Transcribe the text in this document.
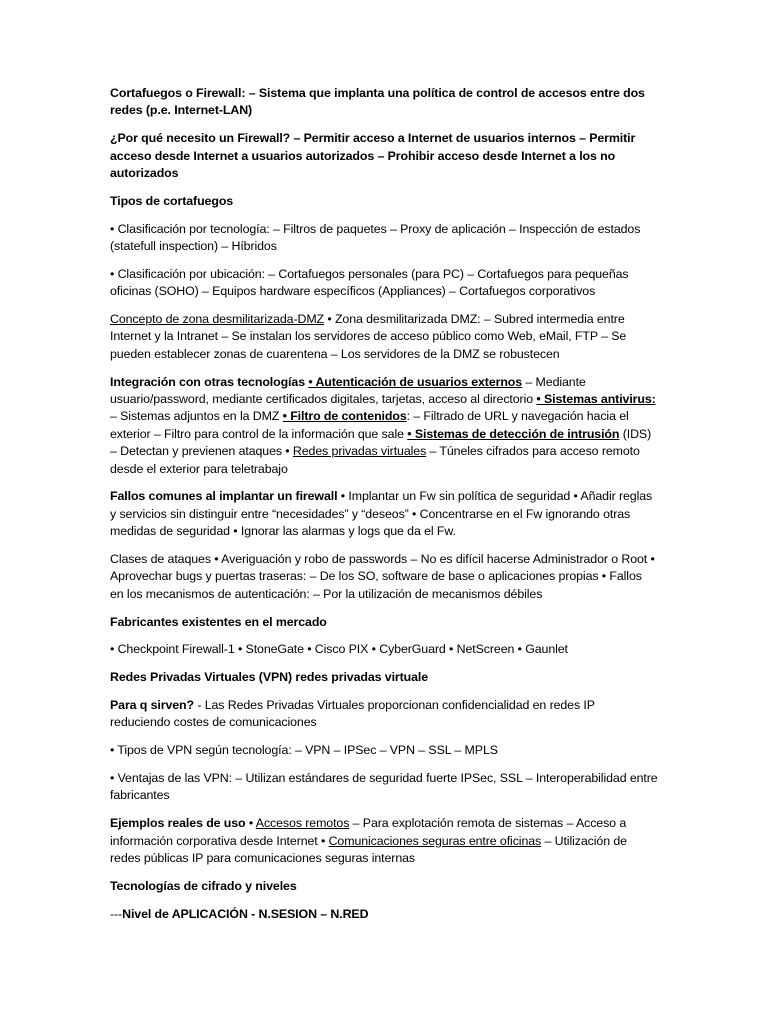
Cortafuegos o Firewall: – Sistema que implanta una política de control de accesos entre dos redes (p.e. Internet-LAN)

¿Por qué necesito un Firewall? – Permitir acceso a Internet de usuarios internos – Permitir acceso desde Internet a usuarios autorizados – Prohibir acceso desde Internet a los no autorizados

Tipos de cortafuegos

• Clasificación por tecnología: – Filtros de paquetes – Proxy de aplicación – Inspección de estados (statefull inspection) – Híbridos

• Clasificación por ubicación: – Cortafuegos personales (para PC) – Cortafuegos para pequeñas oficinas (SOHO) – Equipos hardware específicos (Appliances) – Cortafuegos corporativos

Concepto de zona desmilitarizada-DMZ • Zona desmilitarizada DMZ: – Subred intermedia entre Internet y la Intranet – Se instalan los servidores de acceso público como Web, eMail, FTP – Se pueden establecer zonas de cuarentena – Los servidores de la DMZ se robustecen

Integración con otras tecnologías • Autenticación de usuarios externos – Mediante usuario/password, mediante certificados digitales, tarjetas, acceso al directorio • Sistemas antivirus: – Sistemas adjuntos en la DMZ • Filtro de contenidos: – Filtrado de URL y navegación hacia el exterior – Filtro para control de la información que sale • Sistemas de detección de intrusión (IDS) – Detectan y previenen ataques • Redes privadas virtuales – Túneles cifrados para acceso remoto desde el exterior para teletrabajo

Fallos comunes al implantar un firewall • Implantar un Fw sin política de seguridad • Añadir reglas y servicios sin distinguir entre “necesidades” y “deseos” • Concentrarse en el Fw ignorando otras medidas de seguridad • Ignorar las alarmas y logs que da el Fw.

Clases de ataques • Averiguación y robo de passwords – No es difícil hacerse Administrador o Root • Aprovechar bugs y puertas traseras: – De los SO, software de base o aplicaciones propias • Fallos en los mecanismos de autenticación: – Por la utilización de mecanismos débiles

Fabricantes existentes en el mercado

• Checkpoint Firewall-1 • StoneGate • Cisco PIX • CyberGuard • NetScreen • Gaunlet

Redes Privadas Virtuales (VPN) redes privadas virtuale

Para q sirven? - Las Redes Privadas Virtuales proporcionan confidencialidad en redes IP reduciendo costes de comunicaciones

• Tipos de VPN según tecnología: – VPN – IPSec – VPN – SSL – MPLS

• Ventajas de las VPN: – Utilizan estándares de seguridad fuerte IPSec, SSL – Interoperabilidad entre fabricantes

Ejemplos reales de uso • Accesos remotos – Para explotación remota de sistemas – Acceso a información corporativa desde Internet • Comunicaciones seguras entre oficinas – Utilización de redes públicas IP para comunicaciones seguras internas

Tecnologías de cifrado y niveles

---Nivel de APLICACIÓN - N.SESION – N.RED
